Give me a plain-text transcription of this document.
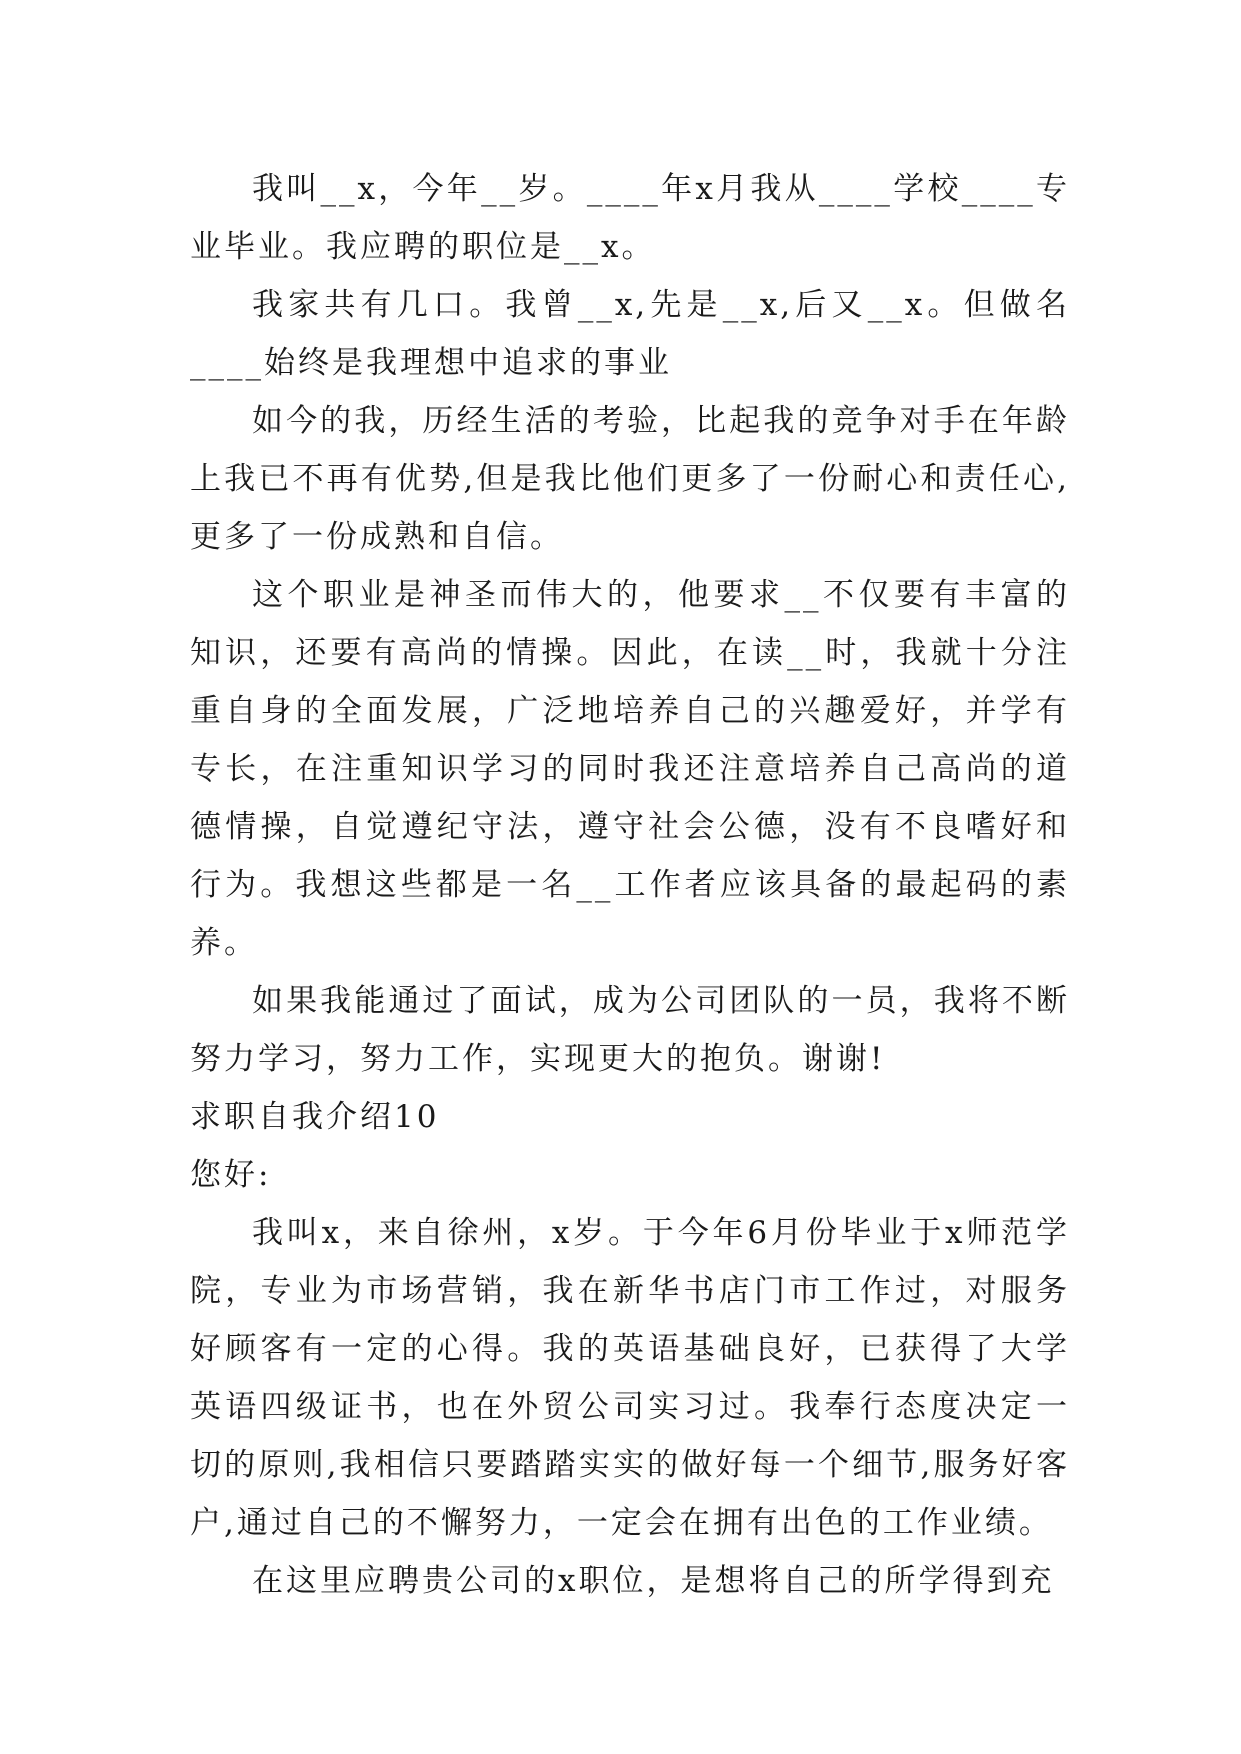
我叫__x，今年__岁。____年x月我从____学校____专业毕业。我应聘的职位是__x。

我家共有几口。我曾__x,先是__x,后又__x。但做名____始终是我理想中追求的事业

如今的我，历经生活的考验，比起我的竞争对手在年龄上我已不再有优势,但是我比他们更多了一份耐心和责任心,更多了一份成熟和自信。

这个职业是神圣而伟大的，他要求__不仅要有丰富的知识，还要有高尚的情操。因此，在读__时，我就十分注重自身的全面发展，广泛地培养自己的兴趣爱好，并学有专长，在注重知识学习的同时我还注意培养自己高尚的道德情操，自觉遵纪守法，遵守社会公德，没有不良嗜好和行为。我想这些都是一名__工作者应该具备的最起码的素养。

如果我能通过了面试，成为公司团队的一员，我将不断努力学习，努力工作，实现更大的抱负。谢谢!

求职自我介绍10

您好:

我叫x，来自徐州，x岁。于今年6月份毕业于x师范学院，专业为市场营销，我在新华书店门市工作过，对服务好顾客有一定的心得。我的英语基础良好，已获得了大学英语四级证书，也在外贸公司实习过。我奉行态度决定一切的原则,我相信只要踏踏实实的做好每一个细节,服务好客户,通过自己的不懈努力，一定会在拥有出色的工作业绩。

在这里应聘贵公司的x职位，是想将自己的所学得到充
